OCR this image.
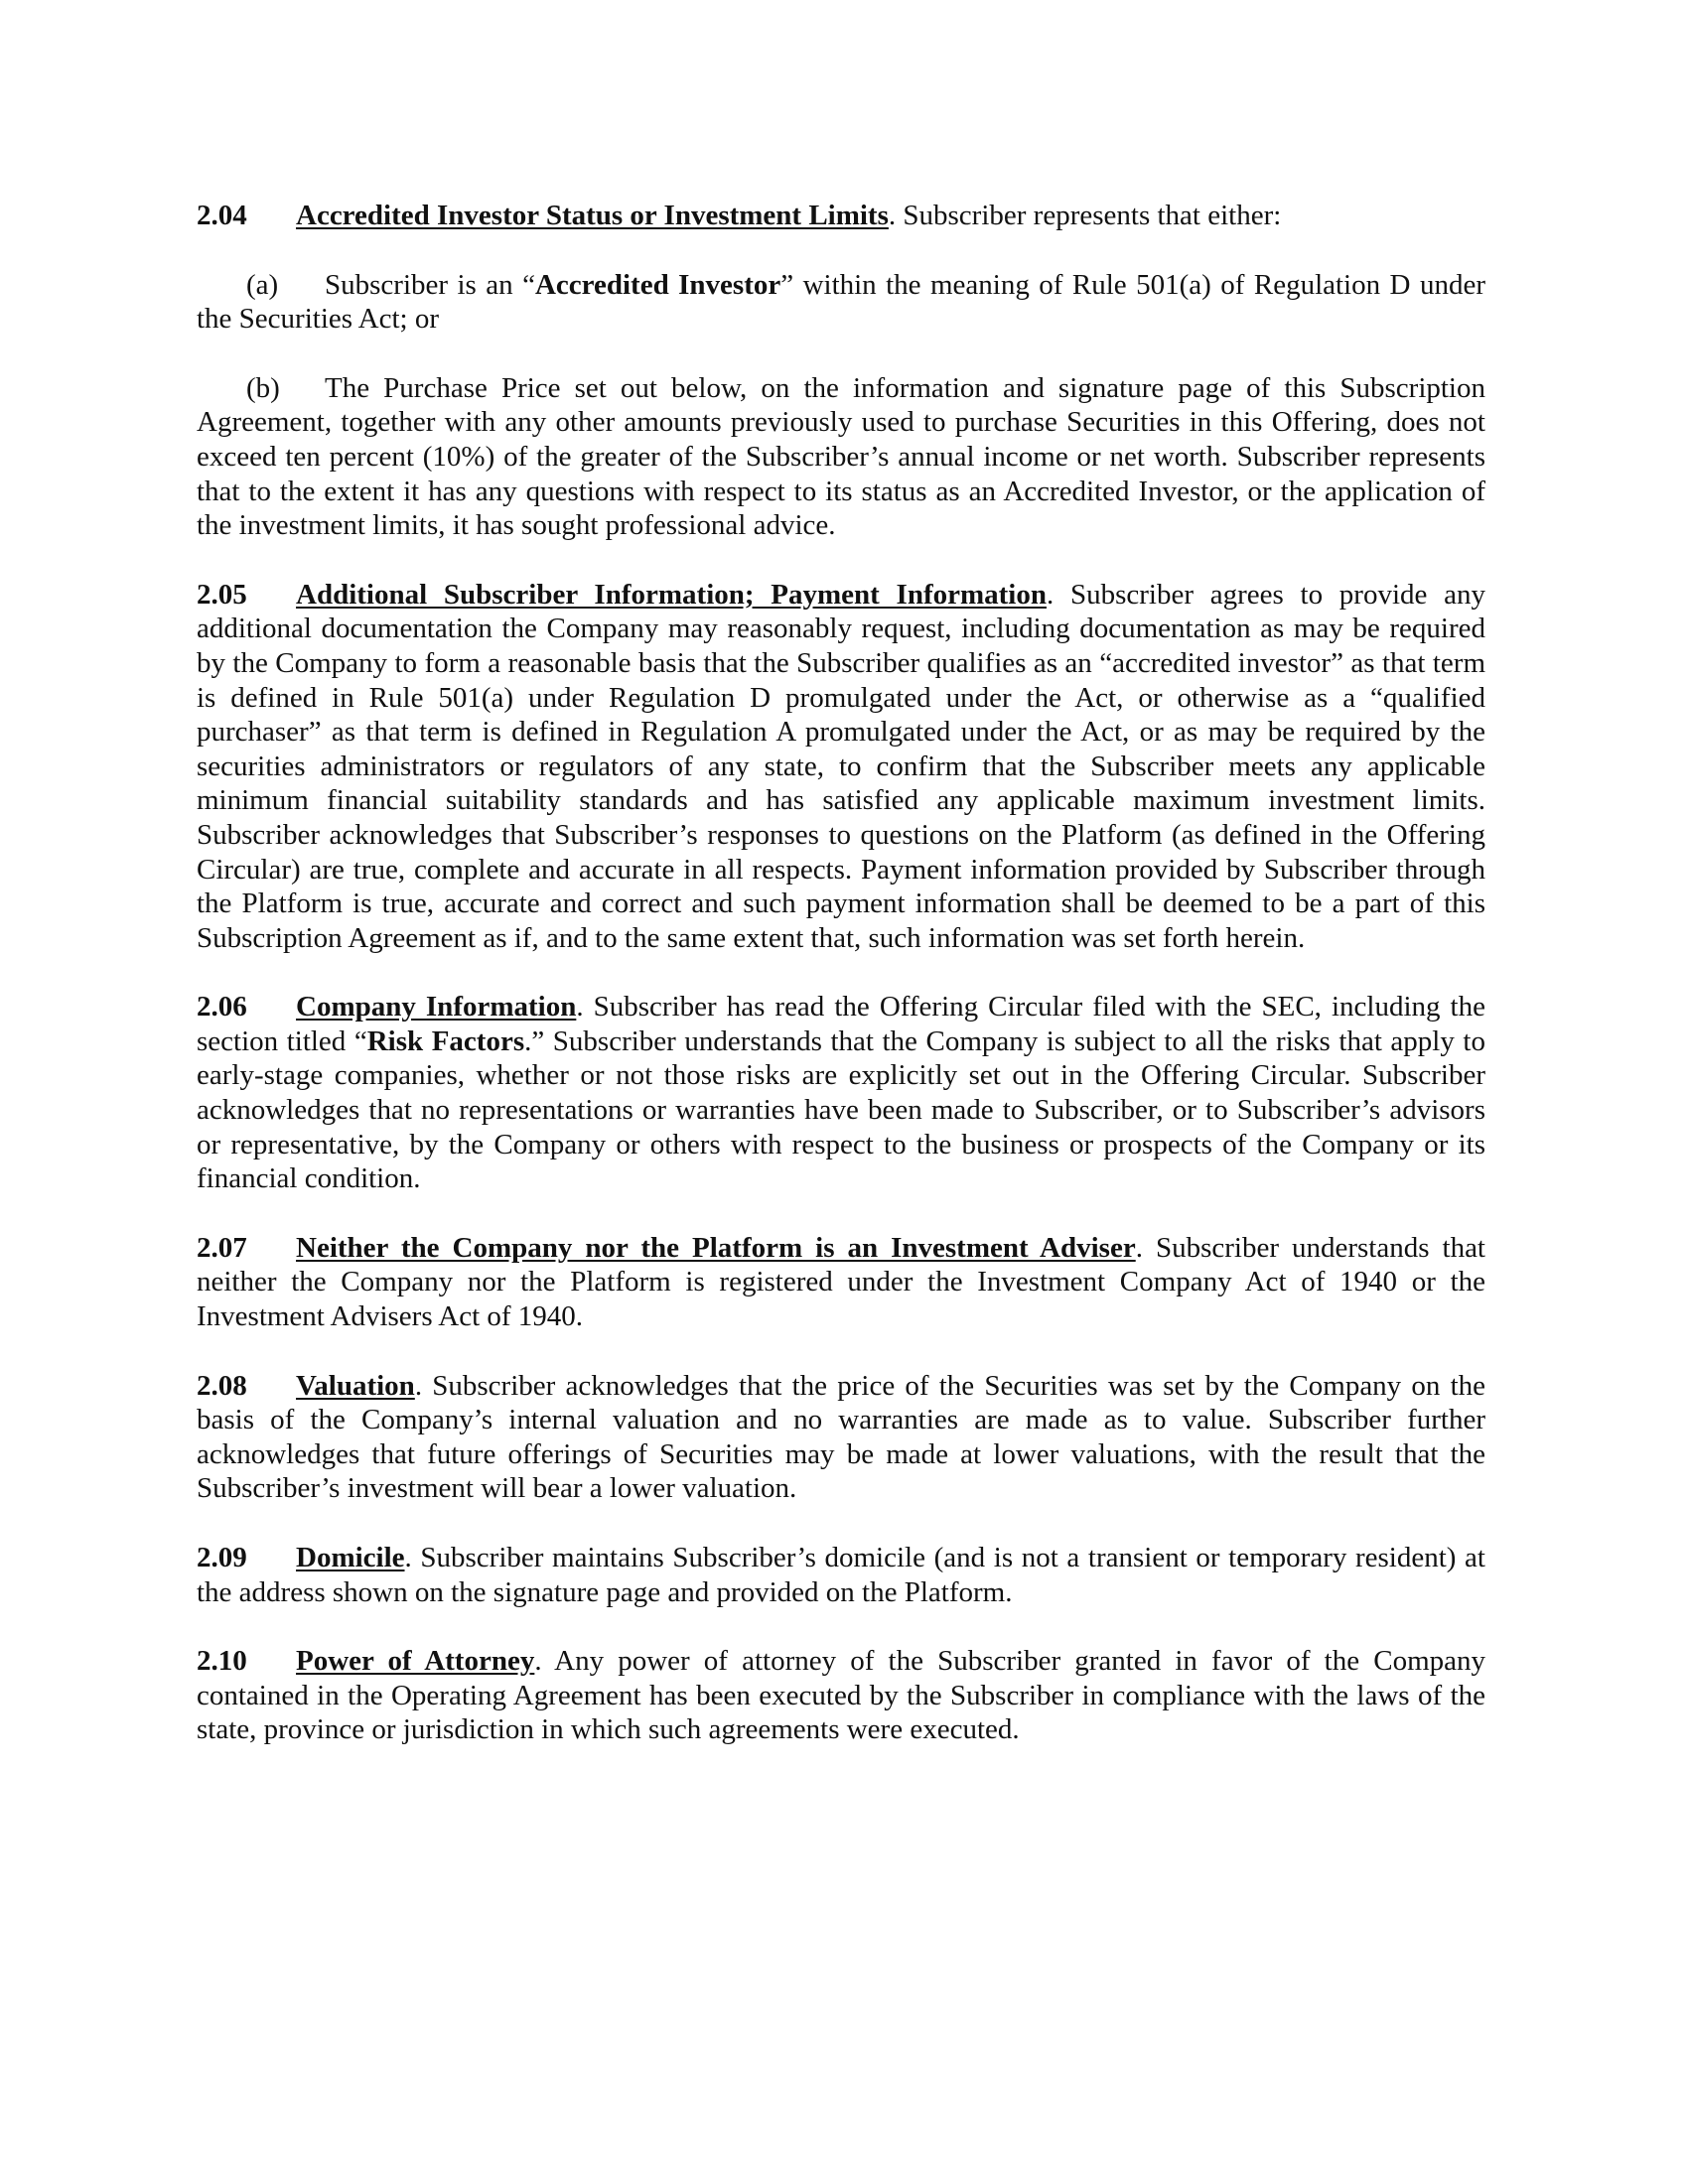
2.04 Accredited Investor Status or Investment Limits. Subscriber represents that either:

(a) Subscriber is an “Accredited Investor” within the meaning of Rule 501(a) of Regulation D under the Securities Act; or

(b) The Purchase Price set out below, on the information and signature page of this Subscription Agreement, together with any other amounts previously used to purchase Securities in this Offering, does not exceed ten percent (10%) of the greater of the Subscriber’s annual income or net worth. Subscriber represents that to the extent it has any questions with respect to its status as an Accredited Investor, or the application of the investment limits, it has sought professional advice.

2.05 Additional Subscriber Information; Payment Information. Subscriber agrees to provide any additional documentation the Company may reasonably request, including documentation as may be required by the Company to form a reasonable basis that the Subscriber qualifies as an “accredited investor” as that term is defined in Rule 501(a) under Regulation D promulgated under the Act, or otherwise as a “qualified purchaser” as that term is defined in Regulation A promulgated under the Act, or as may be required by the securities administrators or regulators of any state, to confirm that the Subscriber meets any applicable minimum financial suitability standards and has satisfied any applicable maximum investment limits. Subscriber acknowledges that Subscriber’s responses to questions on the Platform (as defined in the Offering Circular) are true, complete and accurate in all respects. Payment information provided by Subscriber through the Platform is true, accurate and correct and such payment information shall be deemed to be a part of this Subscription Agreement as if, and to the same extent that, such information was set forth herein.

2.06 Company Information. Subscriber has read the Offering Circular filed with the SEC, including the section titled “Risk Factors.” Subscriber understands that the Company is subject to all the risks that apply to early-stage companies, whether or not those risks are explicitly set out in the Offering Circular. Subscriber acknowledges that no representations or warranties have been made to Subscriber, or to Subscriber’s advisors or representative, by the Company or others with respect to the business or prospects of the Company or its financial condition.

2.07 Neither the Company nor the Platform is an Investment Adviser. Subscriber understands that neither the Company nor the Platform is registered under the Investment Company Act of 1940 or the Investment Advisers Act of 1940.

2.08 Valuation. Subscriber acknowledges that the price of the Securities was set by the Company on the basis of the Company’s internal valuation and no warranties are made as to value. Subscriber further acknowledges that future offerings of Securities may be made at lower valuations, with the result that the Subscriber’s investment will bear a lower valuation.

2.09 Domicile. Subscriber maintains Subscriber’s domicile (and is not a transient or temporary resident) at the address shown on the signature page and provided on the Platform.

2.10 Power of Attorney. Any power of attorney of the Subscriber granted in favor of the Company contained in the Operating Agreement has been executed by the Subscriber in compliance with the laws of the state, province or jurisdiction in which such agreements were executed.
